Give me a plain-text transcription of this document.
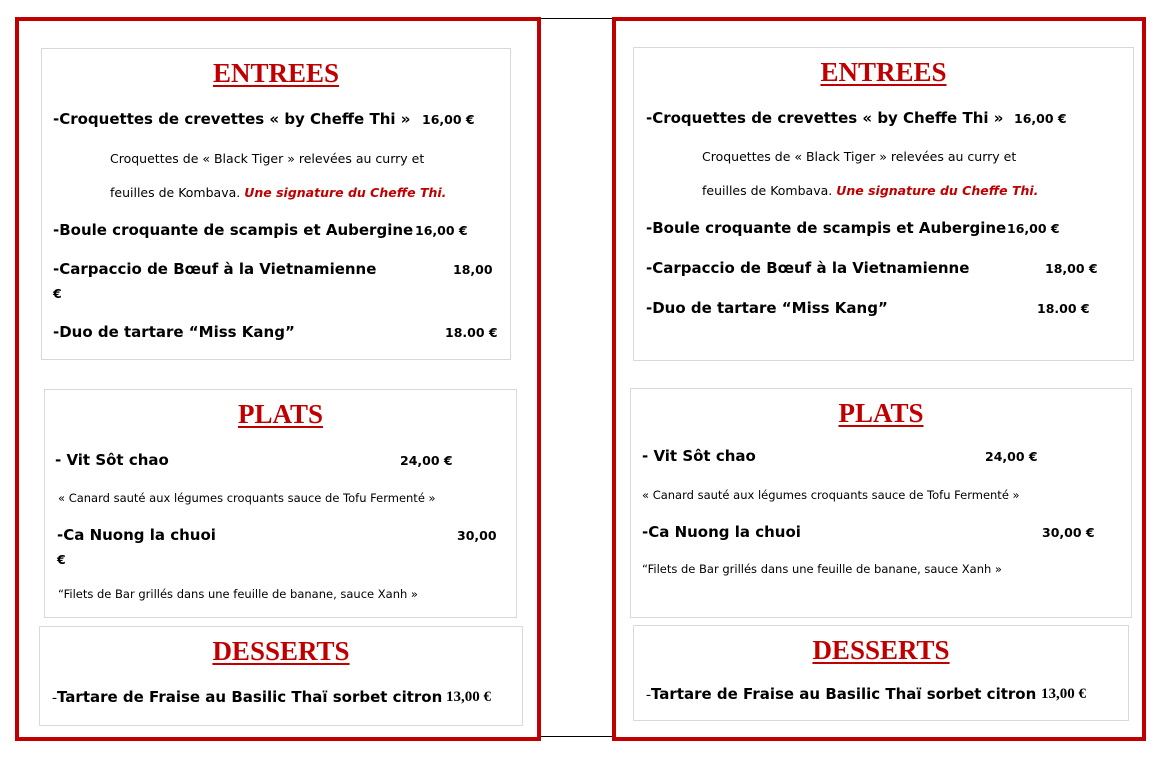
ENTREES
-Croquettes de crevettes « by Cheffe Thi » 16,00 €
Croquettes de « Black Tiger » relevées au curry et
feuilles de Kombava. Une signature du Cheffe Thi.
-Boule croquante de scampis et Aubergine 16,00 €
-Carpaccio de Bœuf à la Vietnamienne	18,00
€
-Duo de tartare “Miss Kang”	18.00 €
PLATS
- Vit Sôt chao	24,00 €
« Canard sauté aux légumes croquants sauce de Tofu Fermenté »
-Ca Nuong la chuoi	30,00
€
“Filets de Bar grillés dans une feuille de banane, sauce Xanh »
DESSERTS
-Tartare de Fraise au Basilic Thaï sorbet citron 13,00 €
ENTREES
-Croquettes de crevettes « by Cheffe Thi » 16,00 €
Croquettes de « Black Tiger » relevées au curry et
feuilles de Kombava. Une signature du Cheffe Thi.
-Boule croquante de scampis et Aubergine 16,00 €
-Carpaccio de Bœuf à la Vietnamienne	18,00 €
-Duo de tartare “Miss Kang”	18.00 €
PLATS
- Vit Sôt chao	24,00 €
« Canard sauté aux légumes croquants sauce de Tofu Fermenté »
-Ca Nuong la chuoi	30,00 €
“Filets de Bar grillés dans une feuille de banane, sauce Xanh »
DESSERTS
-Tartare de Fraise au Basilic Thaï sorbet citron 13,00 €
